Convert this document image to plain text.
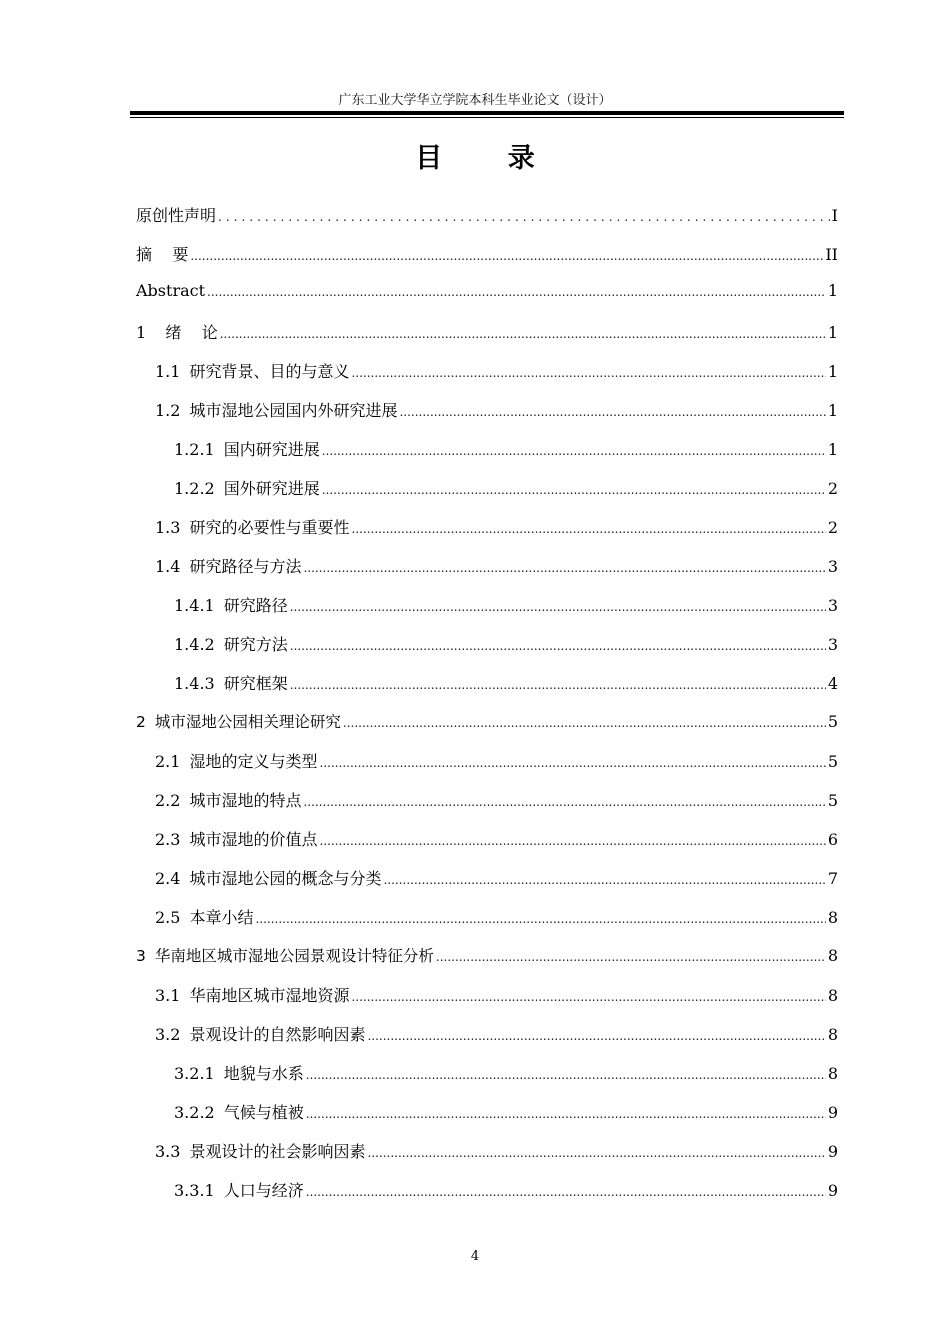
广东工业大学华立学院本科生毕业论文（设计）
目 录
原创性声明 .....	I
摘    要 .....	II
Abstract .....	1
1  绪    论 .....	1
1.1 研究背景、目的与意义 .....	1
1.2 城市湿地公园国内外研究进展 .....	1
1.2.1 国内研究进展 .....	1
1.2.2 国外研究进展 .....	2
1.3 研究的必要性与重要性 .....	2
1.4 研究路径与方法 .....	3
1.4.1 研究路径 .....	3
1.4.2 研究方法 .....	3
1.4.3 研究框架 .....	4
2 城市湿地公园相关理论研究 .....	5
2.1 湿地的定义与类型 .....	5
2.2 城市湿地的特点 .....	5
2.3 城市湿地的价值点 .....	6
2.4 城市湿地公园的概念与分类 .....	7
2.5 本章小结 .....	8
3 华南地区城市湿地公园景观设计特征分析 .....	8
3.1 华南地区城市湿地资源 .....	8
3.2 景观设计的自然影响因素 .....	8
3.2.1 地貌与水系 .....	8
3.2.2 气候与植被 .....	9
3.3 景观设计的社会影响因素 .....	9
3.3.1 人口与经济 .....	9
4
